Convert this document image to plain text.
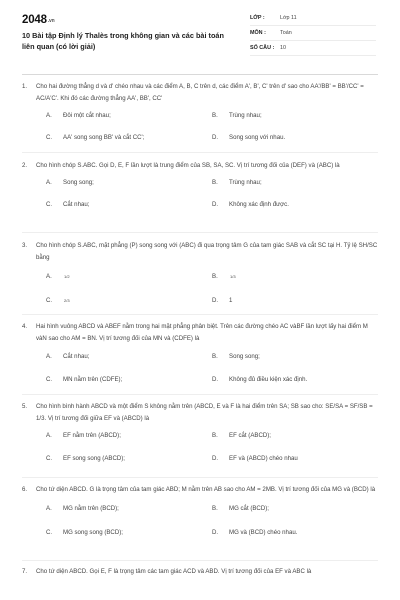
2048.vn
10 Bài tập Định lý Thalès trong không gian và các bài toán liên quan (có lời giải)
LỚP :	Lớp 11
MÔN :	Toán
SỐ CÂU :	10
1.	Cho hai đường thẳng d và d' chéo nhau và các điểm A, B, C trên d, các điểm A', B', C' trên d' sao cho AA'/BB' = BB'/CC' = AC/A'C'. Khi đó các đường thẳng AA', BB', CC'
A.	Đôi một cắt nhau;	B.	Trùng nhau;
C.	AA' song song BB' và cắt CC';	D.	Song song với nhau.
2.	Cho hình chóp S.ABC. Gọi D, E, F lần lượt là trung điểm của SB, SA, SC. Vị trí tương đối của (DEF) và (ABC) là
A.	Song song;	B.	Trùng nhau;
C.	Cắt nhau;	D.	Không xác định được.
3.	Cho hình chóp S.ABC, mặt phẳng (P) song song với (ABC) đi qua trọng tâm G của tam giác SAB và cắt SC tại H. Tỷ lệ SH/SC bằng
A.	1/2	B.	1/3
C.	2/3	D.	1
4.	Hai hình vuông ABCD và ABEF nằm trong hai mặt phẳng phân biệt. Trên các đường chéo AC vàBF lần lượt lấy hai điểm M vàN sao cho AM = BN. Vị trí tương đối của MN và (CDFE) là
A.	Cắt nhau;	B.	Song song;
C.	MN nằm trên (CDFE);	D.	Không đủ điều kiện xác định.
5.	Cho hình bình hành ABCD và một điểm S không nằm trên (ABCD, E và F là hai điểm trên SA; SB sao cho: SE/SA = SF/SB = 1/3. Vị trí tương đối giữa EF và (ABCD) là
A.	EF nằm trên (ABCD);	B.	EF cắt (ABCD);
C.	EF song song (ABCD);	D.	EF và (ABCD) chéo nhau
6.	Cho tứ diện ABCD. G là trọng tâm của tam giác ABD; M nằm trên AB sao cho AM = 2MB. Vị trí tương đối của MG và (BCD) là
A.	MG nằm trên (BCD);	B.	MG cắt (BCD);
C.	MG song song (BCD);	D.	MG và (BCD) chéo nhau.
7.	Cho tứ diện ABCD. Gọi E, F là trọng tâm các tam giác ACD và ABD. Vị trí tương đối của EF và ABC là
